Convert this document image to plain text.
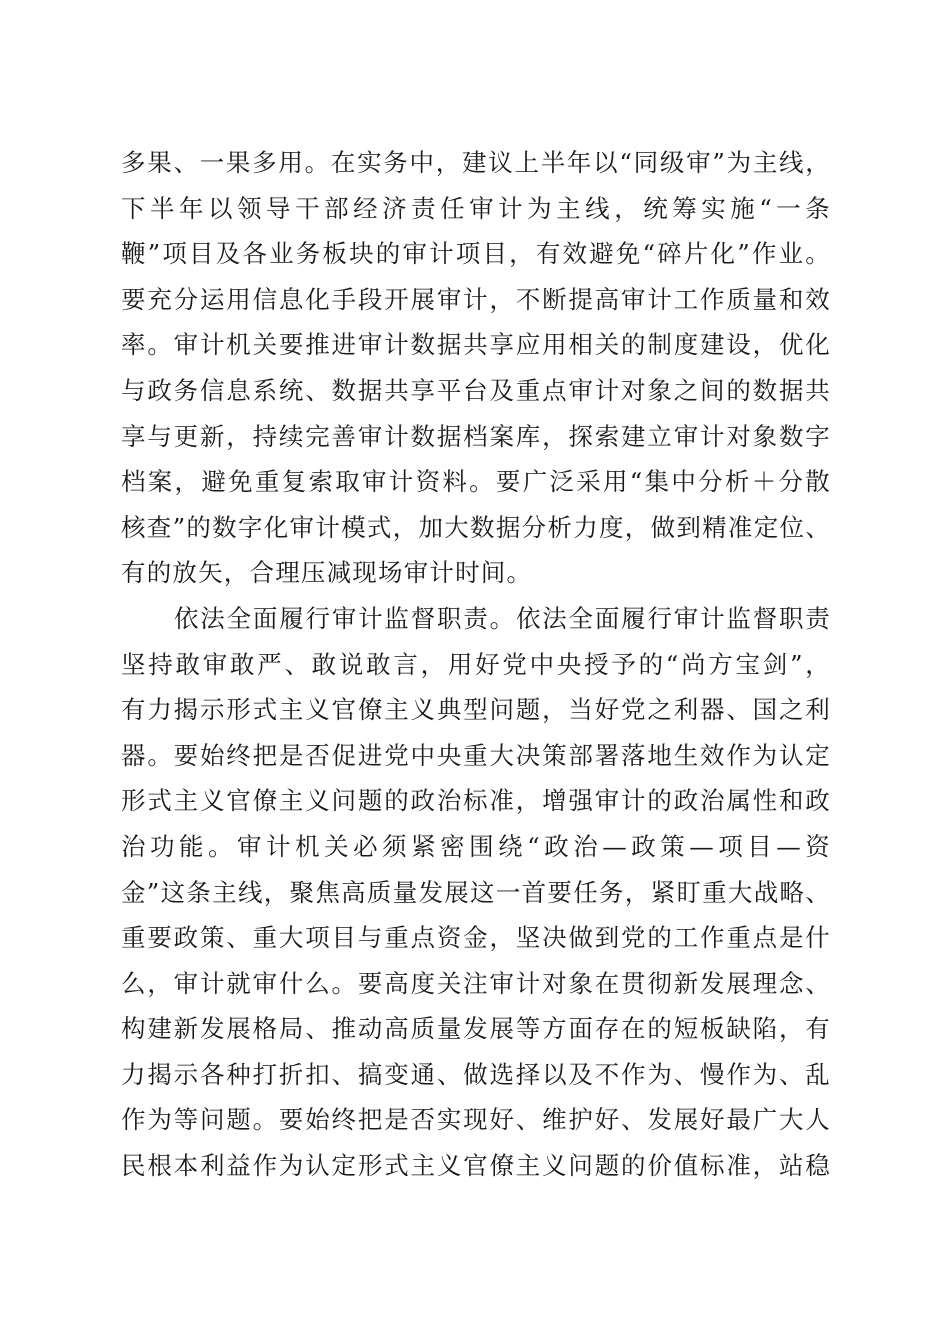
多果、一果多用。在实务中，建议上半年以“同级审”为主线，
下半年以领导干部经济责任审计为主线，统筹实施“一条
鞭”项目及各业务板块的审计项目，有效避免“碎片化”作业。
要充分运用信息化手段开展审计，不断提高审计工作质量和效
率。审计机关要推进审计数据共享应用相关的制度建设，优化
与政务信息系统、数据共享平台及重点审计对象之间的数据共
享与更新，持续完善审计数据档案库，探索建立审计对象数字
档案，避免重复索取审计资料。要广泛采用“集中分析＋分散
核查”的数字化审计模式，加大数据分析力度，做到精准定位、
有的放矢，合理压减现场审计时间。
依法全面履行审计监督职责。依法全面履行审计监督职责
坚持敢审敢严、敢说敢言，用好党中央授予的“尚方宝剑”，
有力揭示形式主义官僚主义典型问题，当好党之利器、国之利
器。要始终把是否促进党中央重大决策部署落地生效作为认定
形式主义官僚主义问题的政治标准，增强审计的政治属性和政
治功能。审计机关必须紧密围绕“政治—政策—项目—资
金”这条主线，聚焦高质量发展这一首要任务，紧盯重大战略、
重要政策、重大项目与重点资金，坚决做到党的工作重点是什
么，审计就审什么。要高度关注审计对象在贯彻新发展理念、
构建新发展格局、推动高质量发展等方面存在的短板缺陷，有
力揭示各种打折扣、搞变通、做选择以及不作为、慢作为、乱
作为等问题。要始终把是否实现好、维护好、发展好最广大人
民根本利益作为认定形式主义官僚主义问题的价值标准，站稳
